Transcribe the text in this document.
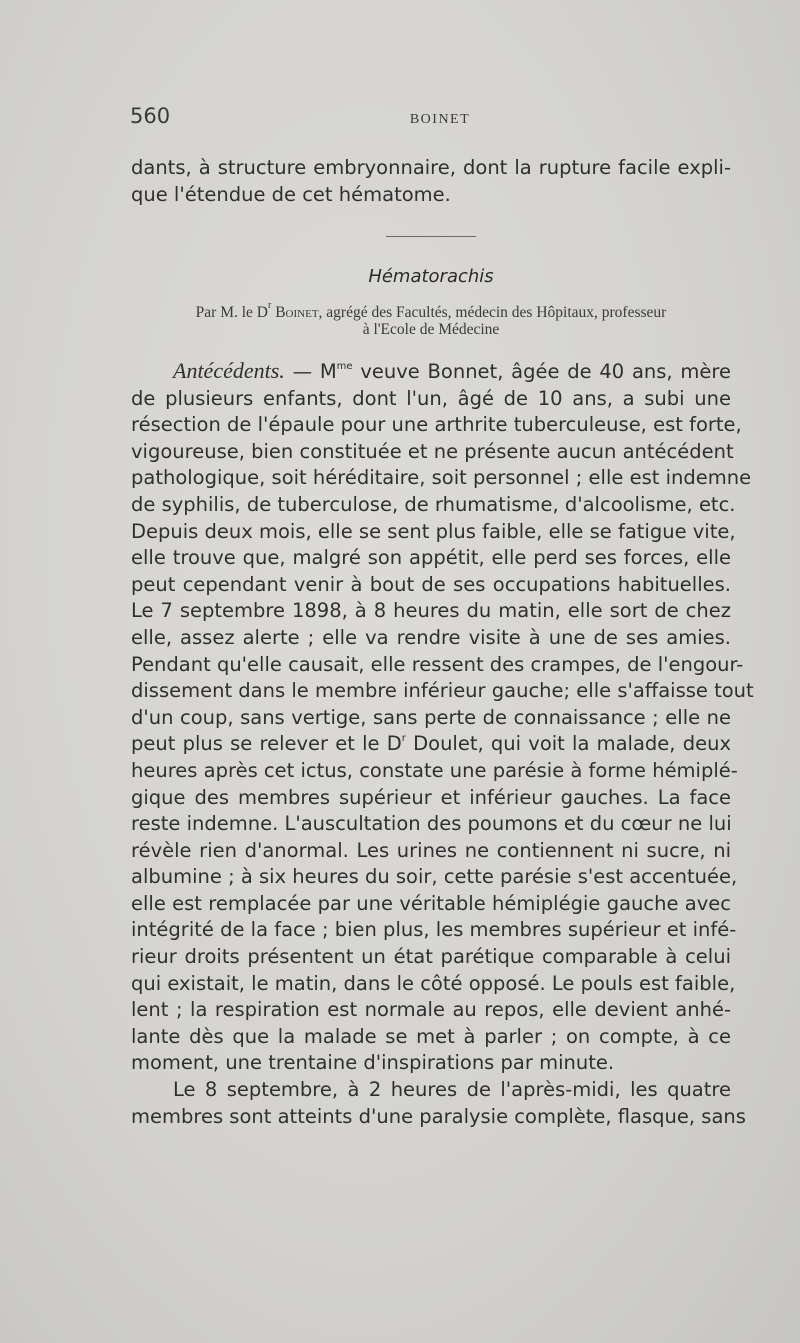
560	BOINET
dants, à structure embryonnaire, dont la rupture facile expli-
que l'étendue de cet hématome.
Hématorachis
Par M. le $D^r$ Boinet, agrégé des Facultés, médecin des Hôpitaux, professeur
à l'Ecole de Médecine
Antécédents. — $M^{me}$ veuve Bonnet, âgée de 40 ans, mère
de plusieurs enfants, dont l'un, âgé de 10 ans, a subi une
résection de l'épaule pour une arthrite tuberculeuse, est forte,
vigoureuse, bien constituée et ne présente aucun antécédent
pathologique, soit héréditaire, soit personnel ; elle est indemne
de syphilis, de tuberculose, de rhumatisme, d'alcoolisme, etc.
Depuis deux mois, elle se sent plus faible, elle se fatigue vite,
elle trouve que, malgré son appétit, elle perd ses forces, elle
peut cependant venir à bout de ses occupations habituelles.
Le 7 septembre 1898, à 8 heures du matin, elle sort de chez
elle, assez alerte ; elle va rendre visite à une de ses amies.
Pendant qu'elle causait, elle ressent des crampes, de l'engour-
dissement dans le membre inférieur gauche; elle s'affaisse tout
d'un coup, sans vertige, sans perte de connaissance ; elle ne
peut plus se relever et le $D^r$ Doulet, qui voit la malade, deux
heures après cet ictus, constate une parésie à forme hémiplé-
gique des membres supérieur et inférieur gauches. La face
reste indemne. L'auscultation des poumons et du cœur ne lui
révèle rien d'anormal. Les urines ne contiennent ni sucre, ni
albumine ; à six heures du soir, cette parésie s'est accentuée,
elle est remplacée par une véritable hémiplégie gauche avec
intégrité de la face ; bien plus, les membres supérieur et infé-
rieur droits présentent un état parétique comparable à celui
qui existait, le matin, dans le côté opposé. Le pouls est faible,
lent ; la respiration est normale au repos, elle devient anhé-
lante dès que la malade se met à parler ; on compte, à ce
moment, une trentaine d'inspirations par minute.
Le 8 septembre, à 2 heures de l'après-midi, les quatre
membres sont atteints d'une paralysie complète, flasque, sans
